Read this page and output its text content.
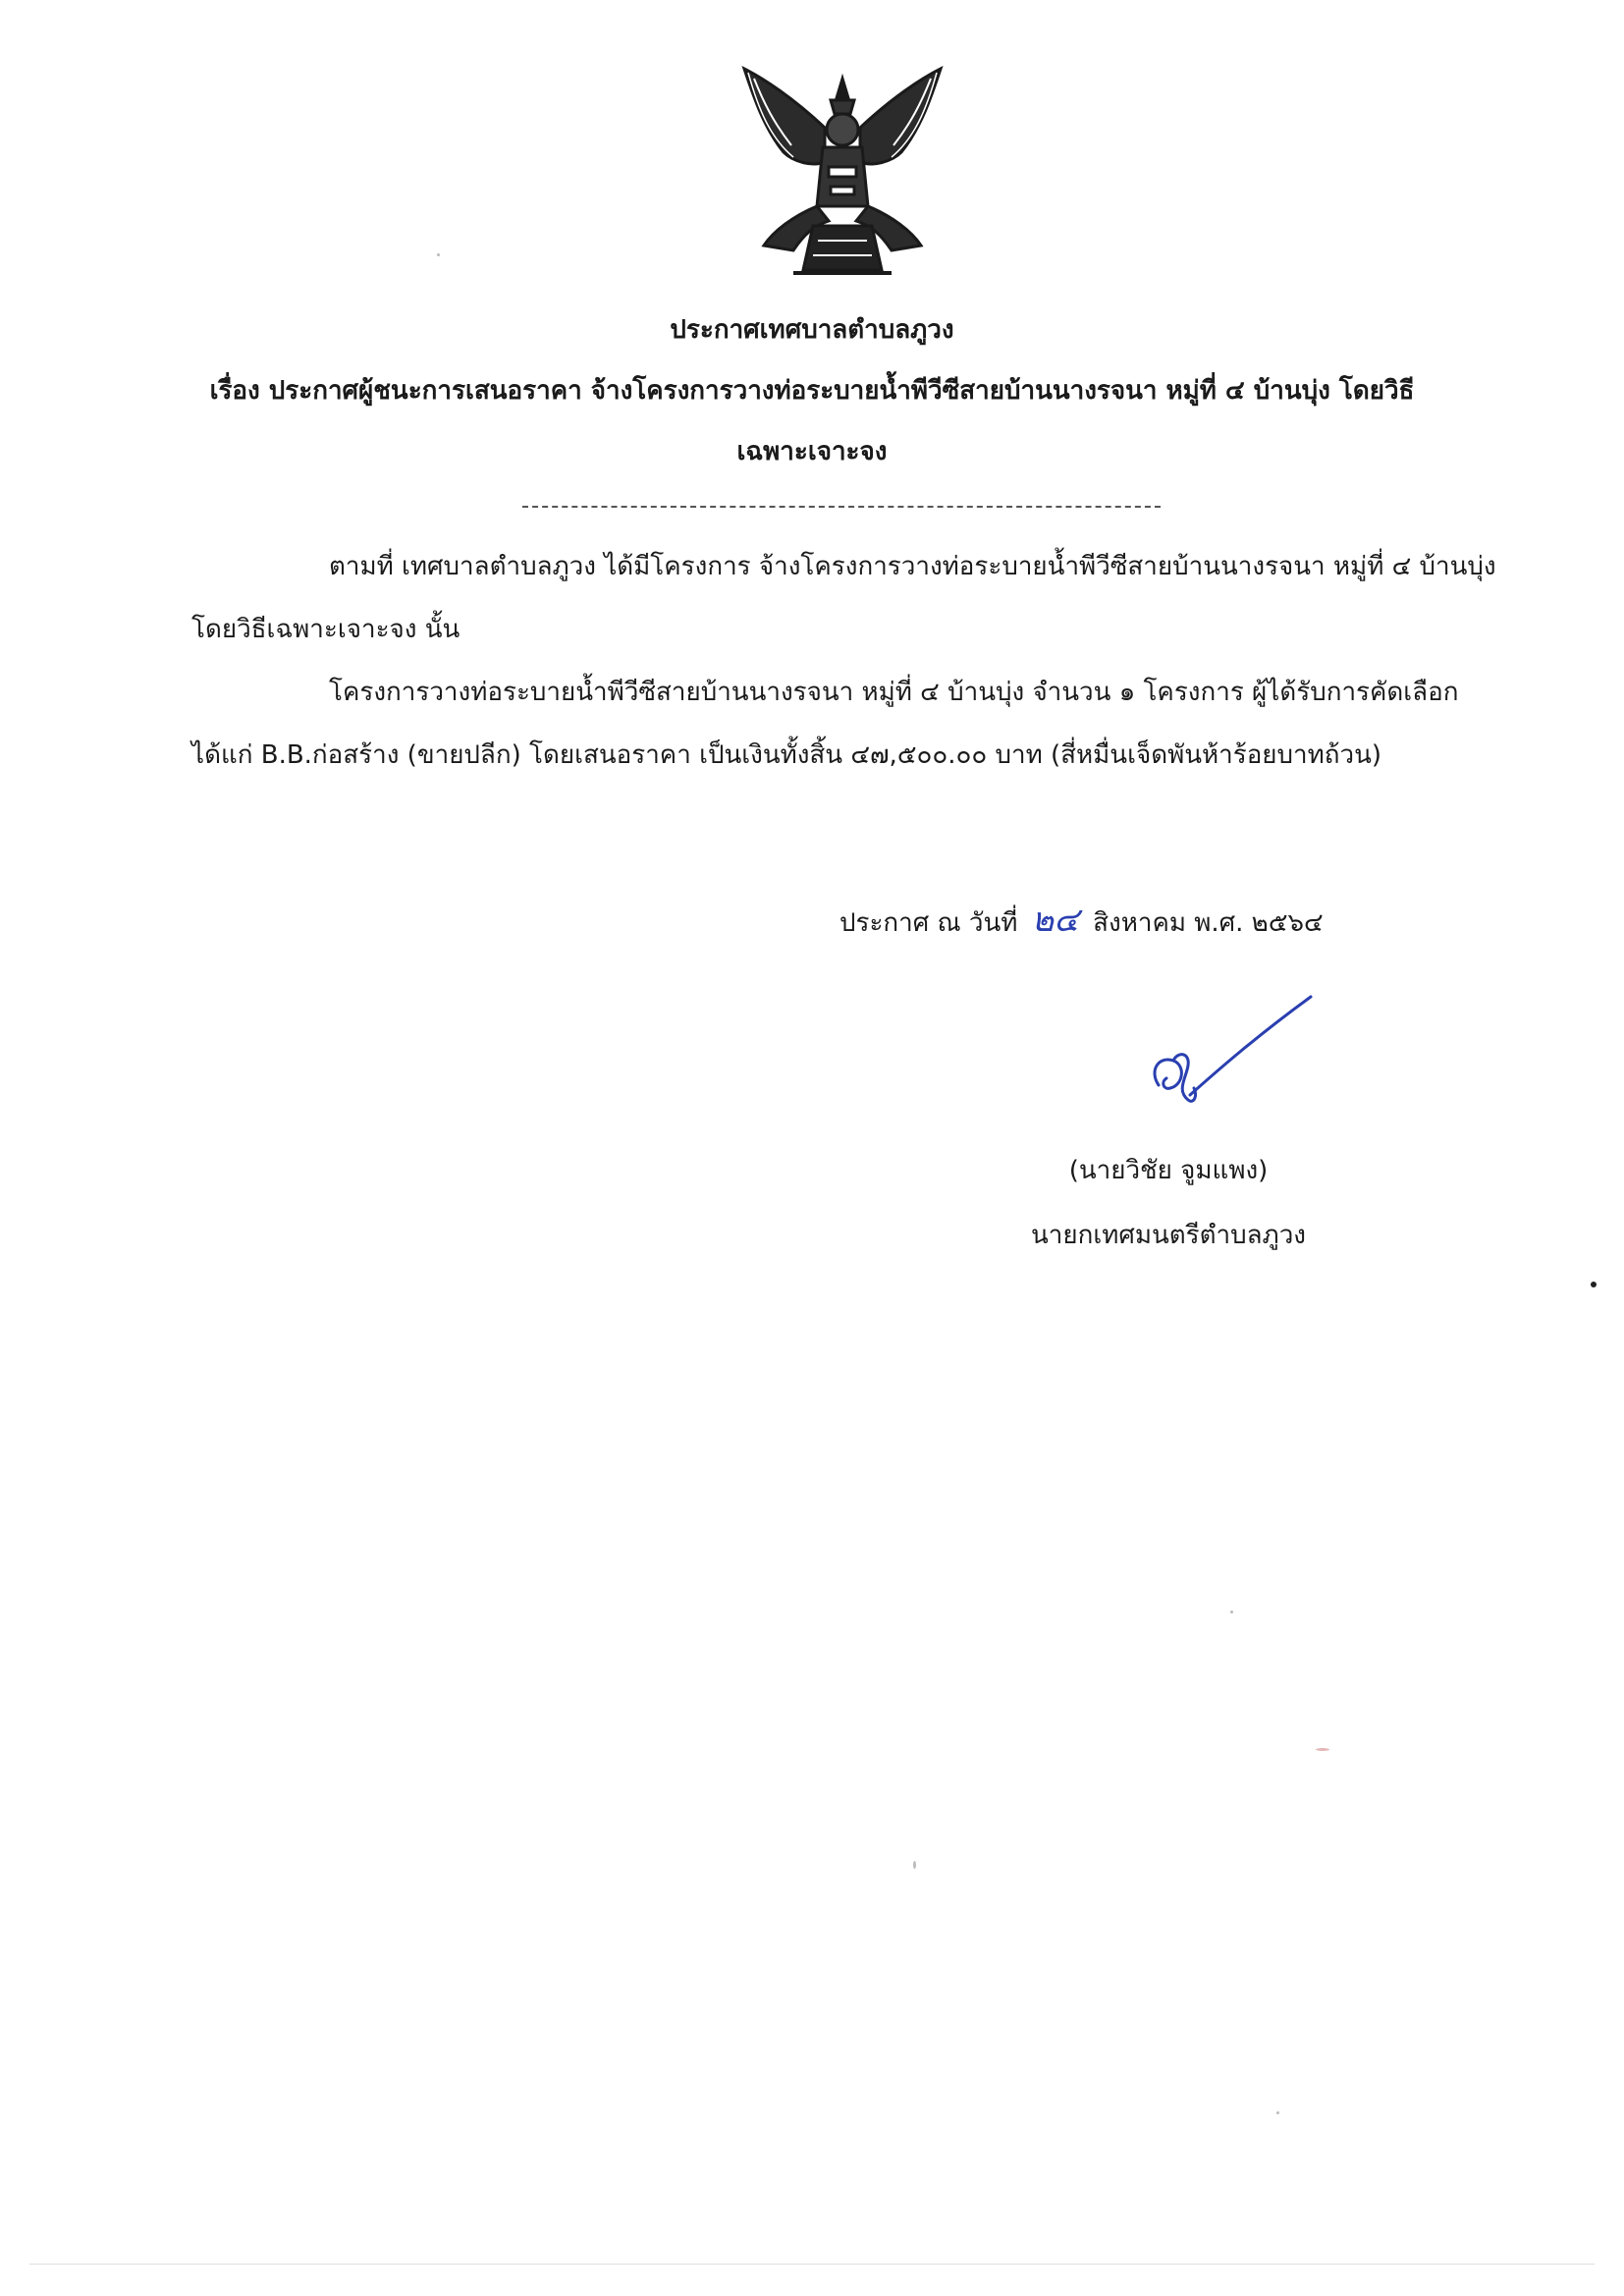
ประกาศเทศบาลตำบลภูวง
เรื่อง ประกาศผู้ชนะการเสนอราคา จ้างโครงการวางท่อระบายน้ำพีวีซีสายบ้านนางรจนา หมู่ที่ ๔ บ้านบุ่ง โดยวิธี
เฉพาะเจาะจง
ตามที่ เทศบาลตำบลภูวง ได้มีโครงการ จ้างโครงการวางท่อระบายน้ำพีวีซีสายบ้านนางรจนา หมู่ที่ ๔ บ้านบุ่ง โดยวิธีเฉพาะเจาะจง นั้น
โครงการวางท่อระบายน้ำพีวีซีสายบ้านนางรจนา หมู่ที่ ๔ บ้านบุ่ง จำนวน ๑ โครงการ ผู้ได้รับการคัดเลือก ได้แก่ B.B.ก่อสร้าง (ขายปลีก) โดยเสนอราคา เป็นเงินทั้งสิ้น ๔๗,๕๐๐.๐๐ บาท (สี่หมื่นเจ็ดพันห้าร้อยบาทถ้วน)
ประกาศ ณ วันที่ ๒๔ สิงหาคม พ.ศ. ๒๕๖๔
(นายวิชัย จูมแพง)
นายกเทศมนตรีตำบลภูวง
